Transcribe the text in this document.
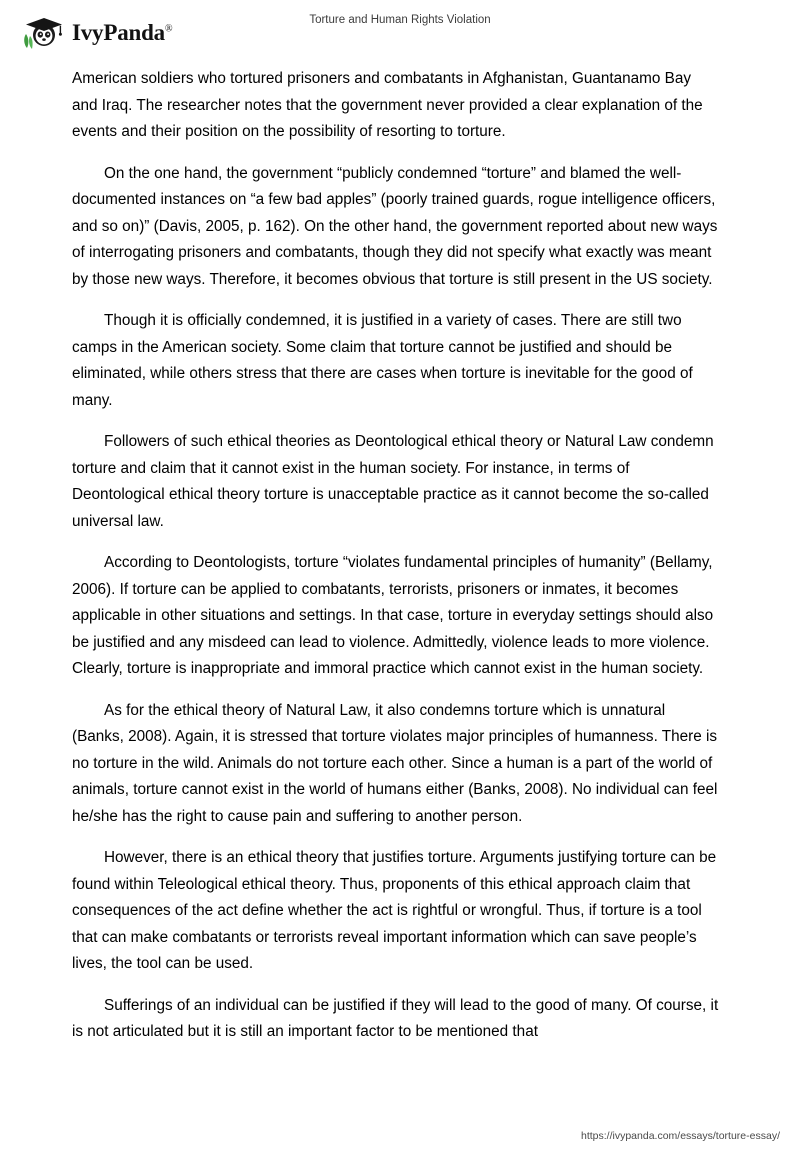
IvyPanda®
Torture and Human Rights Violation

American soldiers who tortured prisoners and combatants in Afghanistan, Guantanamo Bay and Iraq. The researcher notes that the government never provided a clear explanation of the events and their position on the possibility of resorting to torture.

On the one hand, the government “publicly condemned “torture” and blamed the well-documented instances on “a few bad apples” (poorly trained guards, rogue intelligence officers, and so on)” (Davis, 2005, p. 162). On the other hand, the government reported about new ways of interrogating prisoners and combatants, though they did not specify what exactly was meant by those new ways. Therefore, it becomes obvious that torture is still present in the US society.

Though it is officially condemned, it is justified in a variety of cases. There are still two camps in the American society. Some claim that torture cannot be justified and should be eliminated, while others stress that there are cases when torture is inevitable for the good of many.

Followers of such ethical theories as Deontological ethical theory or Natural Law condemn torture and claim that it cannot exist in the human society. For instance, in terms of Deontological ethical theory torture is unacceptable practice as it cannot become the so-called universal law.

According to Deontologists, torture “violates fundamental principles of humanity” (Bellamy, 2006). If torture can be applied to combatants, terrorists, prisoners or inmates, it becomes applicable in other situations and settings. In that case, torture in everyday settings should also be justified and any misdeed can lead to violence. Admittedly, violence leads to more violence. Clearly, torture is inappropriate and immoral practice which cannot exist in the human society.

As for the ethical theory of Natural Law, it also condemns torture which is unnatural (Banks, 2008). Again, it is stressed that torture violates major principles of humanness. There is no torture in the wild. Animals do not torture each other. Since a human is a part of the world of animals, torture cannot exist in the world of humans either (Banks, 2008). No individual can feel he/she has the right to cause pain and suffering to another person.

However, there is an ethical theory that justifies torture. Arguments justifying torture can be found within Teleological ethical theory. Thus, proponents of this ethical approach claim that consequences of the act define whether the act is rightful or wrongful. Thus, if torture is a tool that can make combatants or terrorists reveal important information which can save people’s lives, the tool can be used.

Sufferings of an individual can be justified if they will lead to the good of many. Of course, it is not articulated but it is still an important factor to be mentioned that

https://ivypanda.com/essays/torture-essay/
